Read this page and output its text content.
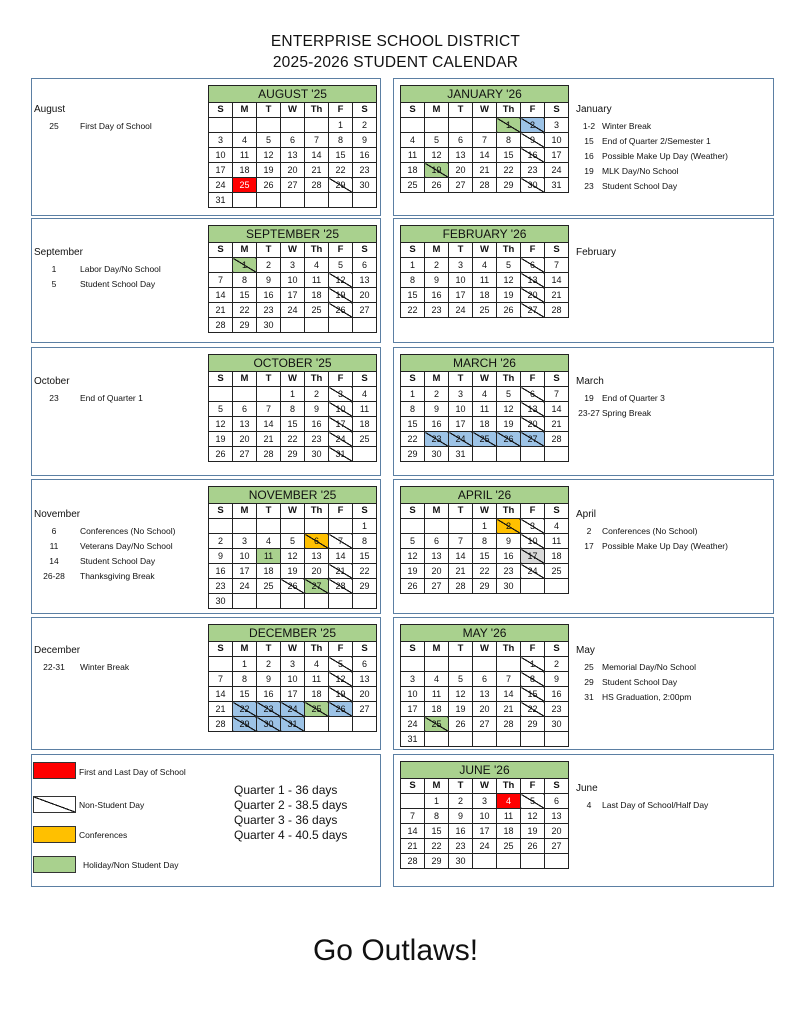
ENTERPRISE SCHOOL DISTRICT
2025-2026 STUDENT CALENDAR
AUGUST '25						
S	M	T	W	Th	F	S
					1	2
3	4	5	6	7	8	9
10	11	12	13	14	15	16
17	18	19	20	21	22	23
24	25	26	27	28	29	30
31						
JANUARY '26						
S	M	T	W	Th	F	S
				1	2	3
4	5	6	7	8	9	10
11	12	13	14	15	16	17
18	19	20	21	22	23	24
25	26	27	28	29	30	31
SEPTEMBER '25						
S	M	T	W	Th	F	S
	1	2	3	4	5	6
7	8	9	10	11	12	13
14	15	16	17	18	19	20
21	22	23	24	25	26	27
28	29	30				
FEBRUARY '26						
S	M	T	W	Th	F	S
1	2	3	4	5	6	7
8	9	10	11	12	13	14
15	16	17	18	19	20	21
22	23	24	25	26	27	28
OCTOBER '25						
S	M	T	W	Th	F	S
			1	2	3	4
5	6	7	8	9	10	11
12	13	14	15	16	17	18
19	20	21	22	23	24	25
26	27	28	29	30	31	
MARCH '26						
S	M	T	W	Th	F	S
1	2	3	4	5	6	7
8	9	10	11	12	13	14
15	16	17	18	19	20	21
22	23	24	25	26	27	28
29	30	31				
NOVEMBER '25						
S	M	T	W	Th	F	S
						1
2	3	4	5	6	7	8
9	10	11	12	13	14	15
16	17	18	19	20	21	22
23	24	25	26	27	28	29
30						
APRIL '26						
S	M	T	W	Th	F	S
			1	2	3	4
5	6	7	8	9	10	11
12	13	14	15	16	17	18
19	20	21	22	23	24	25
26	27	28	29	30		
DECEMBER '25						
S	M	T	W	Th	F	S
	1	2	3	4	5	6
7	8	9	10	11	12	13
14	15	16	17	18	19	20
21	22	23	24	25	26	27
28	29	30	31			
MAY '26						
S	M	T	W	Th	F	S
					1	2
3	4	5	6	7	8	9
10	11	12	13	14	15	16
17	18	19	20	21	22	23
24	25	26	27	28	29	30
31						
JUNE '26						
S	M	T	W	Th	F	S
	1	2	3	4	5	6
7	8	9	10	11	12	13
14	15	16	17	18	19	20
21	22	23	24	25	26	27
28	29	30				
August
25	First Day of School
September
1	Labor Day/No School
5	Student School Day
October
23	End of Quarter 1
November
6	Conferences (No School)
11	Veterans Day/No School
14	Student School Day
26-28	Thanksgiving Break
December
22-31	Winter Break
January
1-2 Winter Break
15 End of Quarter 2/Semester 1
16 Possible Make Up Day (Weather)
19 MLK Day/No School
23 Student School Day
February
March
19 End of Quarter 3
23-27 Spring Break
April
2	Conferences (No School)
17 Possible Make Up Day (Weather)
May
25 Memorial Day/No School
29 Student School Day
31 HS Graduation, 2:00pm
June
4	Last Day of School/Half Day
First and Last Day of School
Non-Student Day
Conferences
Holiday/Non Student Day
Quarter 1 - 36 days
Quarter 2 - 38.5 days
Quarter 3 - 36 days
Quarter 4 - 40.5 days
Go Outlaws!
